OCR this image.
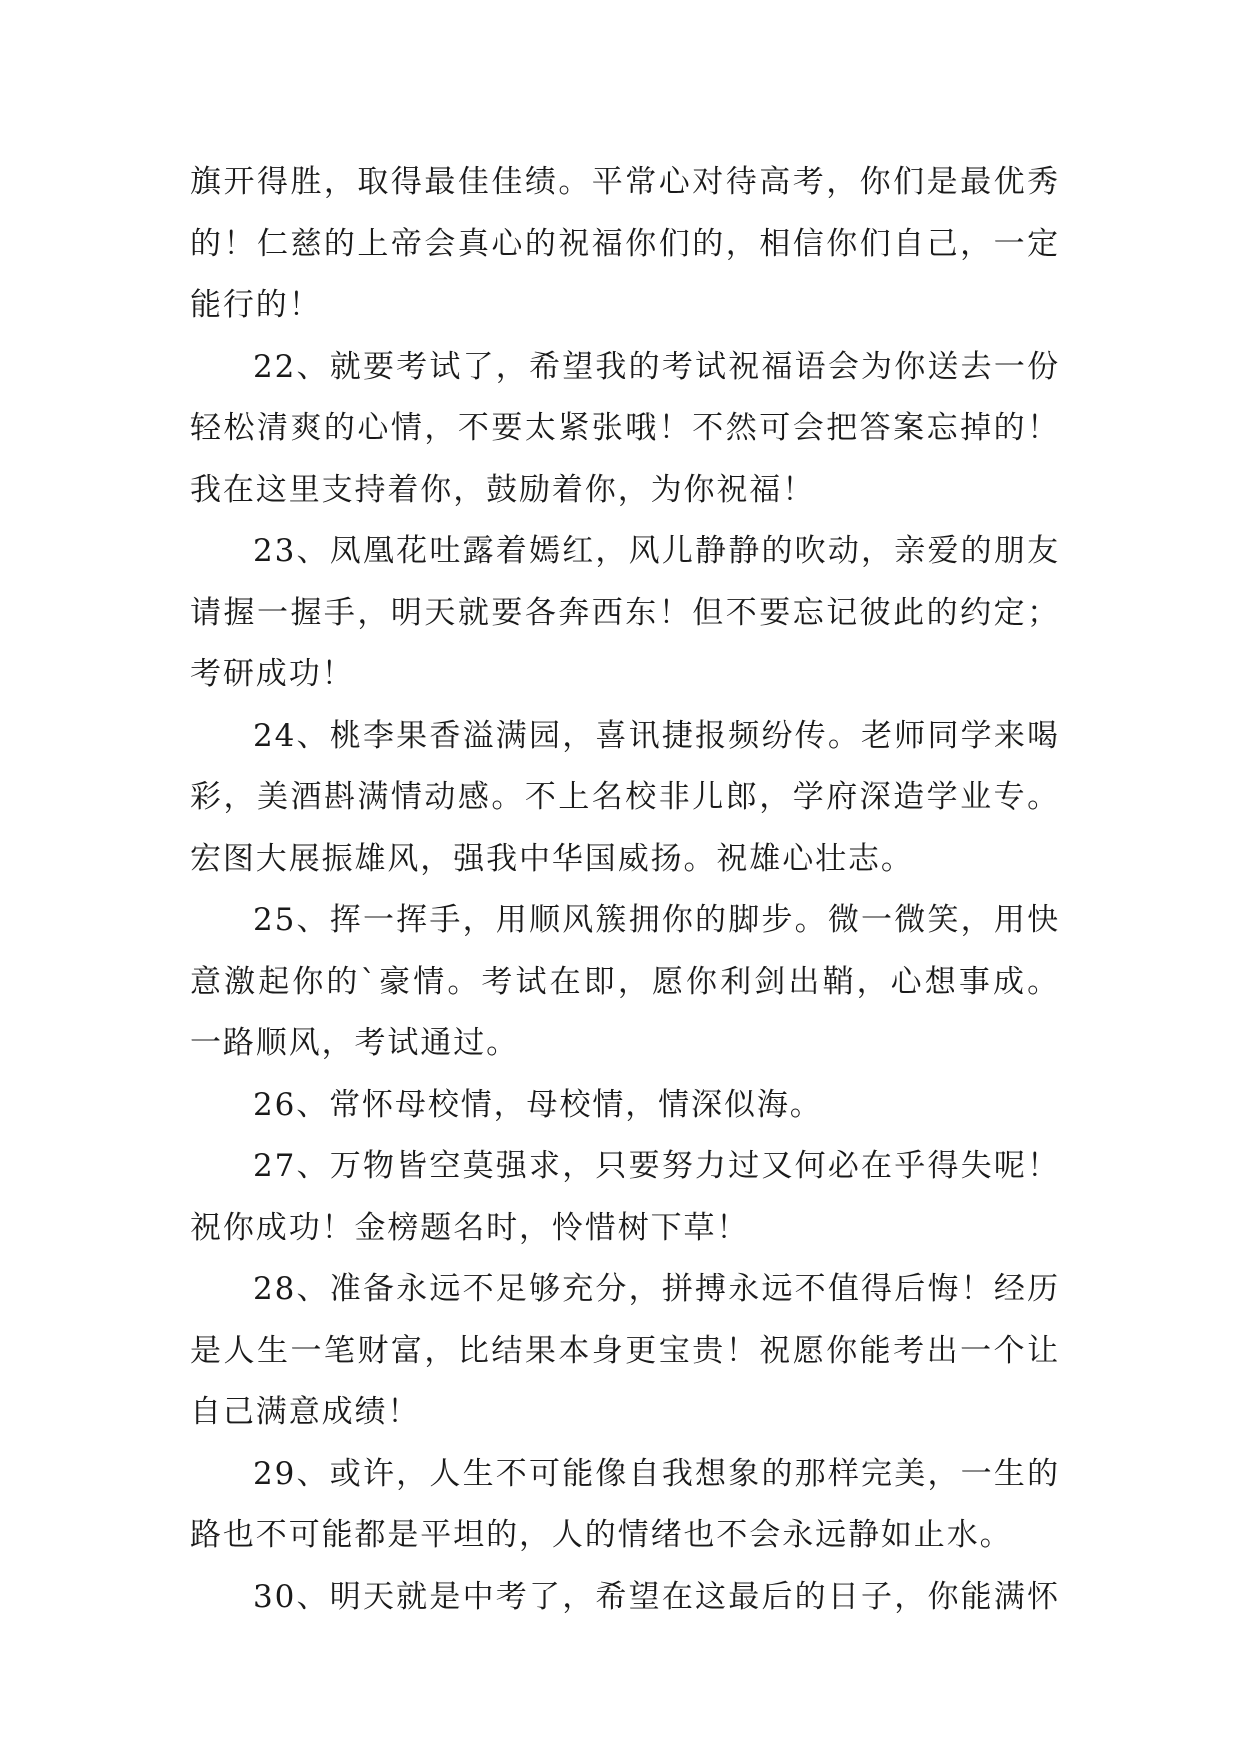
旗开得胜，取得最佳佳绩。平常心对待高考，你们是最优秀
的！仁慈的上帝会真心的祝福你们的，相信你们自己，一定
能行的！
22、就要考试了，希望我的考试祝福语会为你送去一份
轻松清爽的心情，不要太紧张哦！不然可会把答案忘掉的！
我在这里支持着你，鼓励着你，为你祝福！
23、凤凰花吐露着嫣红，风儿静静的吹动，亲爱的朋友
请握一握手，明天就要各奔西东！但不要忘记彼此的约定；
考研成功！
24、桃李果香溢满园，喜讯捷报频纷传。老师同学来喝
彩，美酒斟满情动感。不上名校非儿郎，学府深造学业专。
宏图大展振雄风，强我中华国威扬。祝雄心壮志。
25、挥一挥手，用顺风簇拥你的脚步。微一微笑，用快
意激起你的`豪情。考试在即，愿你利剑出鞘，心想事成。
一路顺风，考试通过。
26、常怀母校情，母校情，情深似海。
27、万物皆空莫强求，只要努力过又何必在乎得失呢！
祝你成功！金榜题名时，怜惜树下草！
28、准备永远不足够充分，拼搏永远不值得后悔！经历
是人生一笔财富，比结果本身更宝贵！祝愿你能考出一个让
自己满意成绩！
29、或许，人生不可能像自我想象的那样完美，一生的
路也不可能都是平坦的，人的情绪也不会永远静如止水。
30、明天就是中考了，希望在这最后的日子，你能满怀
